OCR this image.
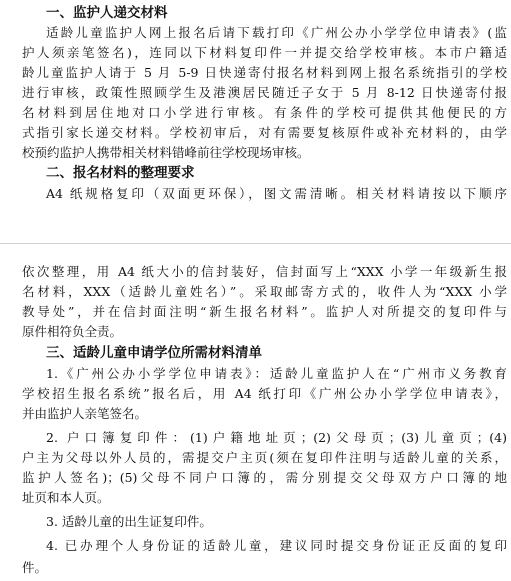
一、监护人递交材料
适龄儿童监护人网上报名后请下载打印《广州公办小学学位申请表》(监
护人须亲笔签名)，连同以下材料复印件一并提交给学校审核。本市户籍适
龄儿童监护人请于 5 月 5-9 日快递寄付报名材料到网上报名系统指引的学校
进行审核，政策性照顾学生及港澳居民随迁子女于 5 月 8-12 日快递寄付报
名材料到居住地对口小学进行审核。有条件的学校可提供其他便民的方
式指引家长递交材料。学校初审后，对有需要复核原件或补充材料的，由学
校预约监护人携带相关材料错峰前往学校现场审核。
二、报名材料的整理要求
A4 纸规格复印（双面更环保），图文需清晰。相关材料请按以下顺序
依次整理，用 A4 纸大小的信封装好，信封面写上“XXX 小学一年级新生报
名材料，XXX（适龄儿童姓名）”。采取邮寄方式的，收件人为“XXX 小学
教导处”，并在信封面注明“新生报名材料”。监护人对所提交的复印件与
原件相符负全责。
三、适龄儿童申请学位所需材料清单
1.《广州公办小学学位申请表》：适龄儿童监护人在“广州市义务教育
学校招生报名系统”报名后，用 A4 纸打印《广州公办小学学位申请表》，
并由监护人亲笔签名。
2. 户口簿复印件：(1)户籍地址页；(2)父母页；(3)儿童页；(4)
户主为父母以外人员的，需提交户主页(须在复印件注明与适龄儿童的关系，
监护人签名)；(5)父母不同户口簿的，需分别提交父母双方户口簿的地
址页和本人页。
3. 适龄儿童的出生证复印件。
4. 已办理个人身份证的适龄儿童，建议同时提交身份证正反面的复印
件。
